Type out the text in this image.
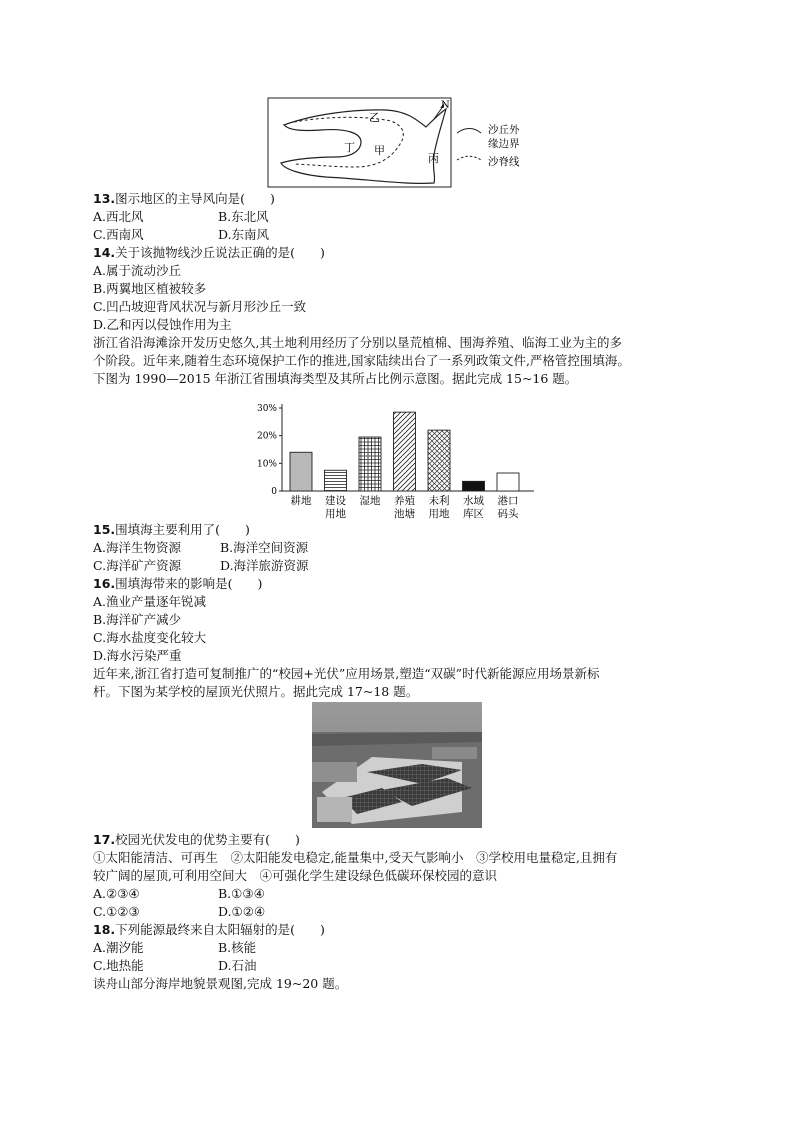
N
乙
甲
丁
丙
沙丘外
缘边界
沙脊线
13.图示地区的主导风向是(　　)
A.西北风	B.东北风
C.西南风	D.东南风
14.关于该抛物线沙丘说法正确的是(　　)
A.属于流动沙丘
B.两翼地区植被较多
C.凹凸坡迎背风状况与新月形沙丘一致
D.乙和丙以侵蚀作用为主
浙江省沿海滩涂开发历史悠久,其土地利用经历了分别以垦荒植棉、围海养殖、临海工业为主的多
个阶段。近年来,随着生态环境保护工作的推进,国家陆续出台了一系列政策文件,严格管控围填海。
下图为 1990—2015 年浙江省围填海类型及其所占比例示意图。据此完成 15~16 题。
0
10%
20%
30%
耕地 建设
用地
湿地 养殖
池塘
未利
用地
水域
库区
港口
码头
15.围填海主要利用了(　　)
A.海洋生物资源	B.海洋空间资源
C.海洋矿产资源	D.海洋旅游资源
16.围填海带来的影响是(　　)
A.渔业产量逐年锐减
B.海洋矿产减少
C.海水盐度变化较大
D.海水污染严重
近年来,浙江省打造可复制推广的“校园+光伏”应用场景,塑造“双碳”时代新能源应用场景新标
杆。下图为某学校的屋顶光伏照片。据此完成 17~18 题。
17.校园光伏发电的优势主要有(　　)
①太阳能清洁、可再生　②太阳能发电稳定,能量集中,受天气影响小　③学校用电量稳定,且拥有
较广阔的屋顶,可利用空间大　④可强化学生建设绿色低碳环保校园的意识
A.②③④	B.①③④
C.①②③	D.①②④
18.下列能源最终来自太阳辐射的是(　　)
A.潮汐能	B.核能
C.地热能	D.石油
读舟山部分海岸地貌景观图,完成 19~20 题。
